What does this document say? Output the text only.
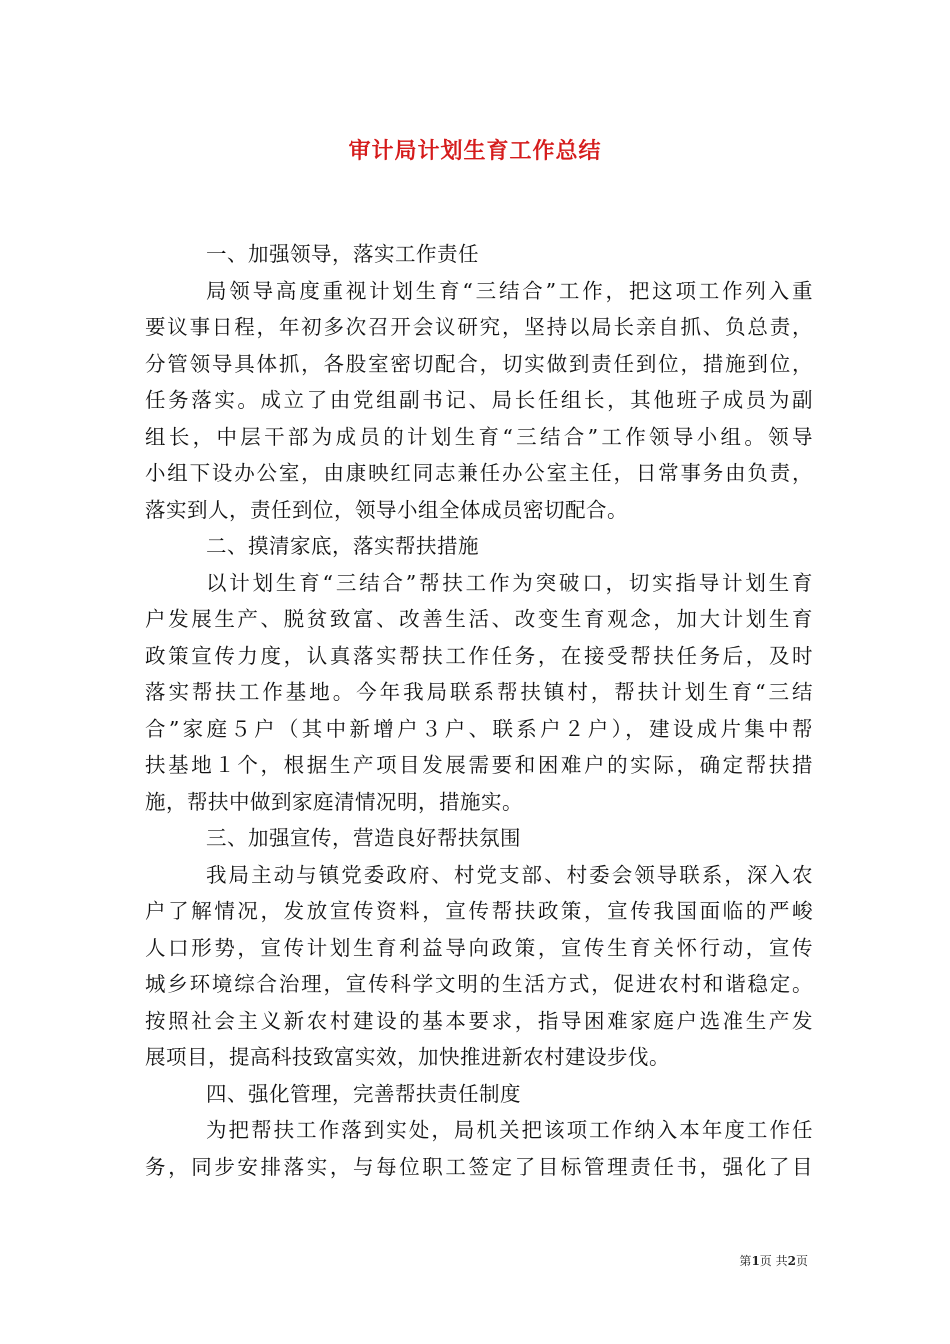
审计局计划生育工作总结
一、加强领导，落实工作责任
局领导高度重视计划生育“三结合”工作，把这项工作列入重
要议事日程，年初多次召开会议研究，坚持以局长亲自抓、负总责，
分管领导具体抓，各股室密切配合，切实做到责任到位，措施到位，
任务落实。成立了由党组副书记、局长任组长，其他班子成员为副
组长，中层干部为成员的计划生育“三结合”工作领导小组。领导
小组下设办公室，由康映红同志兼任办公室主任，日常事务由负责，
落实到人，责任到位，领导小组全体成员密切配合。
二、摸清家底，落实帮扶措施
以计划生育“三结合”帮扶工作为突破口，切实指导计划生育
户发展生产、脱贫致富、改善生活、改变生育观念，加大计划生育
政策宣传力度，认真落实帮扶工作任务，在接受帮扶任务后，及时
落实帮扶工作基地。今年我局联系帮扶镇村，帮扶计划生育“三结
合”家庭５户（其中新增户３户、联系户２户），建设成片集中帮
扶基地１个，根据生产项目发展需要和困难户的实际，确定帮扶措
施，帮扶中做到家庭清情况明，措施实。
三、加强宣传，营造良好帮扶氛围
我局主动与镇党委政府、村党支部、村委会领导联系，深入农
户了解情况，发放宣传资料，宣传帮扶政策，宣传我国面临的严峻
人口形势，宣传计划生育利益导向政策，宣传生育关怀行动，宣传
城乡环境综合治理，宣传科学文明的生活方式，促进农村和谐稳定。
按照社会主义新农村建设的基本要求，指导困难家庭户选准生产发
展项目，提高科技致富实效，加快推进新农村建设步伐。
四、强化管理，完善帮扶责任制度
为把帮扶工作落到实处，局机关把该项工作纳入本年度工作任
务，同步安排落实，与每位职工签定了目标管理责任书，强化了目
第1页 共2页
